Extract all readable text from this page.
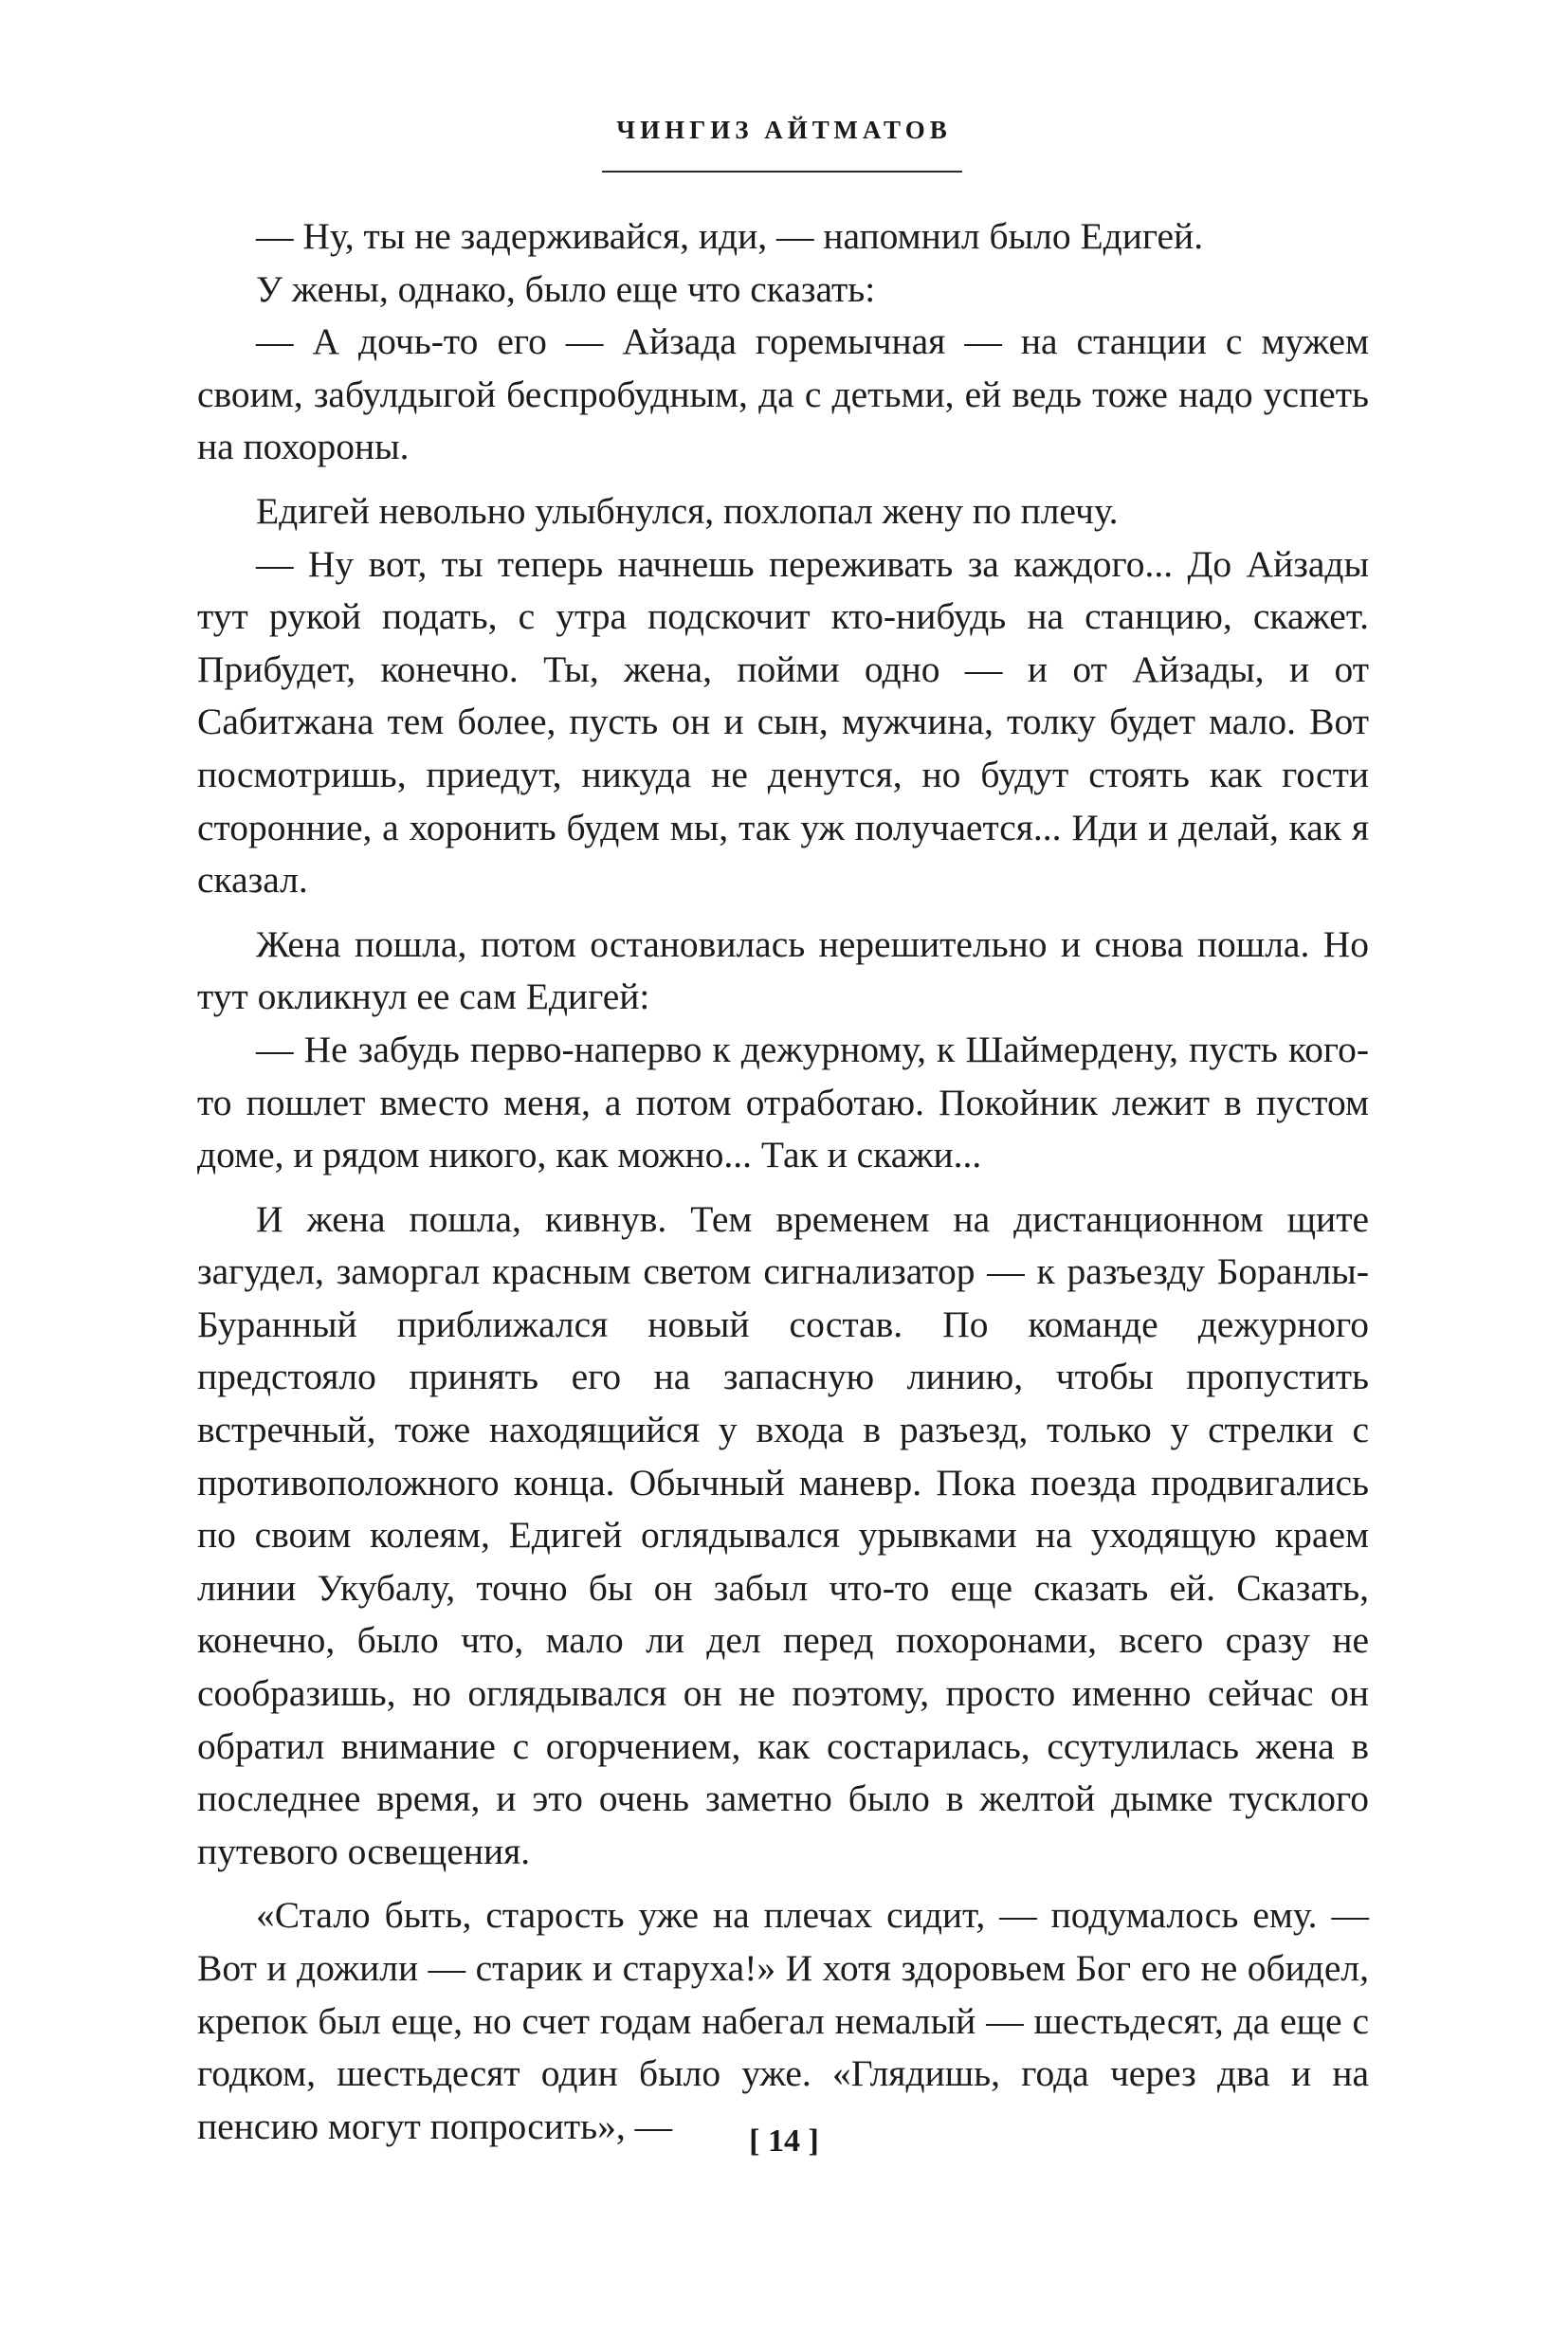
ЧИНГИЗ АЙТМАТОВ

— Ну, ты не задерживайся, иди, — напомнил было Едигей.

У жены, однако, было еще что сказать:

— А дочь-то его — Айзада горемычная — на станции с мужем своим, забулдыгой беспробудным, да с детьми, ей ведь тоже надо успеть на похороны.

Едигей невольно улыбнулся, похлопал жену по плечу.

— Ну вот, ты теперь начнешь переживать за каждого... До Айзады тут рукой подать, с утра подскочит кто-нибудь на станцию, скажет. Прибудет, конечно. Ты, жена, пойми одно — и от Айзады, и от Сабитжана тем более, пусть он и сын, мужчина, толку будет мало. Вот посмотришь, приедут, никуда не денутся, но будут стоять как гости сторонние, а хоронить будем мы, так уж получается... Иди и делай, как я сказал.

Жена пошла, потом остановилась нерешительно и снова пошла. Но тут окликнул ее сам Едигей:

— Не забудь перво-наперво к дежурному, к Шаймердену, пусть кого-то пошлет вместо меня, а потом отработаю. Покойник лежит в пустом доме, и рядом никого, как можно... Так и скажи...

И жена пошла, кивнув. Тем временем на дистанционном щите загудел, заморгал красным светом сигнализатор — к разъезду Боранлы-Буранный приближался новый состав. По команде дежурного предстояло принять его на запасную линию, чтобы пропустить встречный, тоже находящийся у входа в разъезд, только у стрелки с противоположного конца. Обычный маневр. Пока поезда продвигались по своим колеям, Едигей оглядывался урывками на уходящую краем линии Укубалу, точно бы он забыл что-то еще сказать ей. Сказать, конечно, было что, мало ли дел перед похоронами, всего сразу не сообразишь, но оглядывался он не поэтому, просто именно сейчас он обратил внимание с огорчением, как состарилась, ссутулилась жена в последнее время, и это очень заметно было в желтой дымке тусклого путевого освещения.

«Стало быть, старость уже на плечах сидит, — подумалось ему. — Вот и дожили — старик и старуха!» И хотя здоровьем Бог его не обидел, крепок был еще, но счет годам набегал немалый — шестьдесят, да еще с годком, шестьдесят один было уже. «Глядишь, года через два и на пенсию могут попросить», —	[ 14 ]
